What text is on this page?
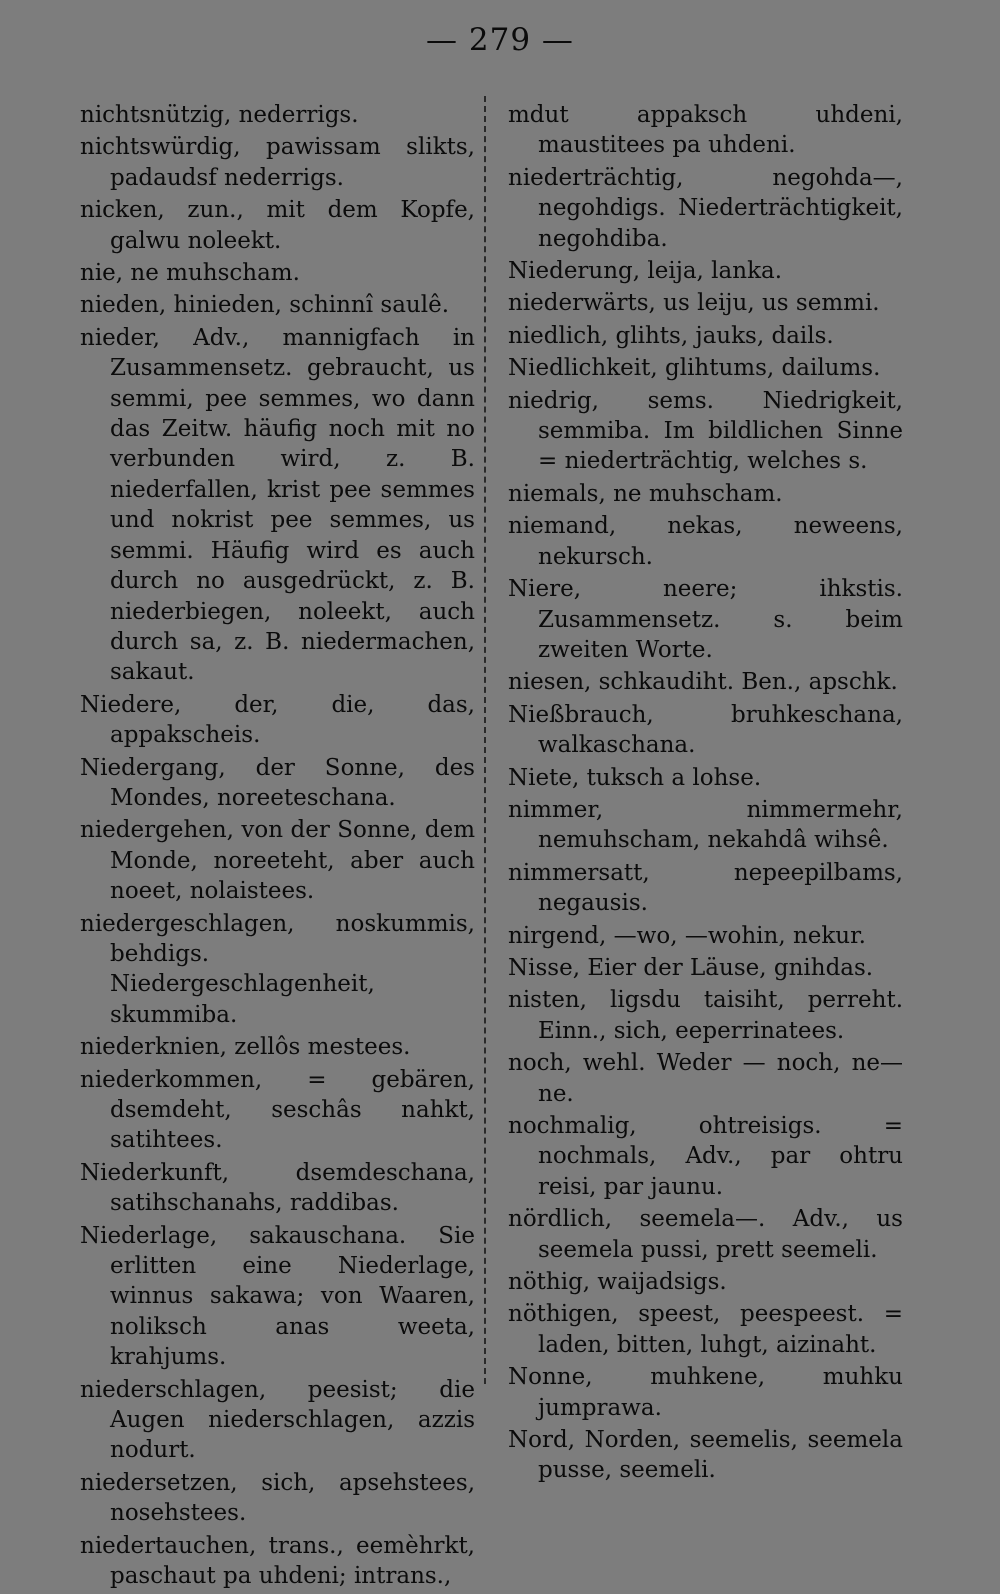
— 279 —

nichtsnützig, nederrigs.

nichtswürdig, pawissam slikts, padaudsf nederrigs.

nicken, zun., mit dem Kopfe, galwu noleekt.

nie, ne muhscham.

nieden, hinieden, schinnî saulê.

nieder, Adv., mannigfach in Zusammensetz. gebraucht, us semmi, pee semmes, wo dann das Zeitw. häufig noch mit no verbunden wird, z. B. niederfallen, krist pee semmes und nokrist pee semmes, us semmi. Häufig wird es auch durch no ausgedrückt, z. B. niederbiegen, noleekt, auch durch sa, z. B. niedermachen, sakaut.

Niedere, der, die, das, appakscheis.

Niedergang, der Sonne, des Mondes, noreeteschana.

niedergehen, von der Sonne, dem Monde, noreeteht, aber auch noeet, nolaistees.

niedergeschlagen, noskummis, behdigs. Niedergeschlagenheit, skummiba.

niederknien, zellôs mestees.

niederkommen, = gebären, dsemdeht, seschâs nahkt, satihtees.

Niederkunft, dsemdeschana, satihschanahs, raddibas.

Niederlage, sakauschana. Sie erlitten eine Niederlage, winnus sakawa; von Waaren, noliksch anas weeta, krahjums.

niederschlagen, peesist; die Augen niederschlagen, azzis nodurt.

niedersetzen, sich, apsehstees, nosehstees.

niedertauchen, trans., eemèhrkt, paschaut pa uhdeni; intrans.,

mdut appaksch uhdeni, maustitees pa uhdeni.

niederträchtig, negohda—, negohdigs. Niederträchtigkeit, negohdiba.

Niederung, leija, lanka.

niederwärts, us leiju, us semmi.

niedlich, glihts, jauks, dails.

Niedlichkeit, glihtums, dailums.

niedrig, sems. Niedrigkeit, semmiba. Im bildlichen Sinne = niederträchtig, welches s.

niemals, ne muhscham.

niemand, nekas, neweens, nekursch.

Niere, neere; ihkstis. Zusammensetz. s. beim zweiten Worte.

niesen, schkaudiht. Ben., apschk.

Nießbrauch, bruhkeschana, walkaschana.

Niete, tuksch a lohse.

nimmer, nimmermehr, nemuhscham, nekahdâ wihsê.

nimmersatt, nepeepilbams, negausis.

nirgend, —wo, —wohin, nekur.

Nisse, Eier der Läuse, gnihdas.

nisten, ligsdu taisiht, perreht. Einn., sich, eeperrinatees.

noch, wehl. Weder — noch, ne—ne.

nochmalig, ohtreisigs. = nochmals, Adv., par ohtru reisi, par jaunu.

nördlich, seemela—. Adv., us seemela pussi, prett seemeli.

nöthig, waijadsigs.

nöthigen, speest, peespeest. = laden, bitten, luhgt, aizinaht.

Nonne, muhkene, muhku jumprawa.

Nord, Norden, seemelis, seemela pusse, seemeli.
